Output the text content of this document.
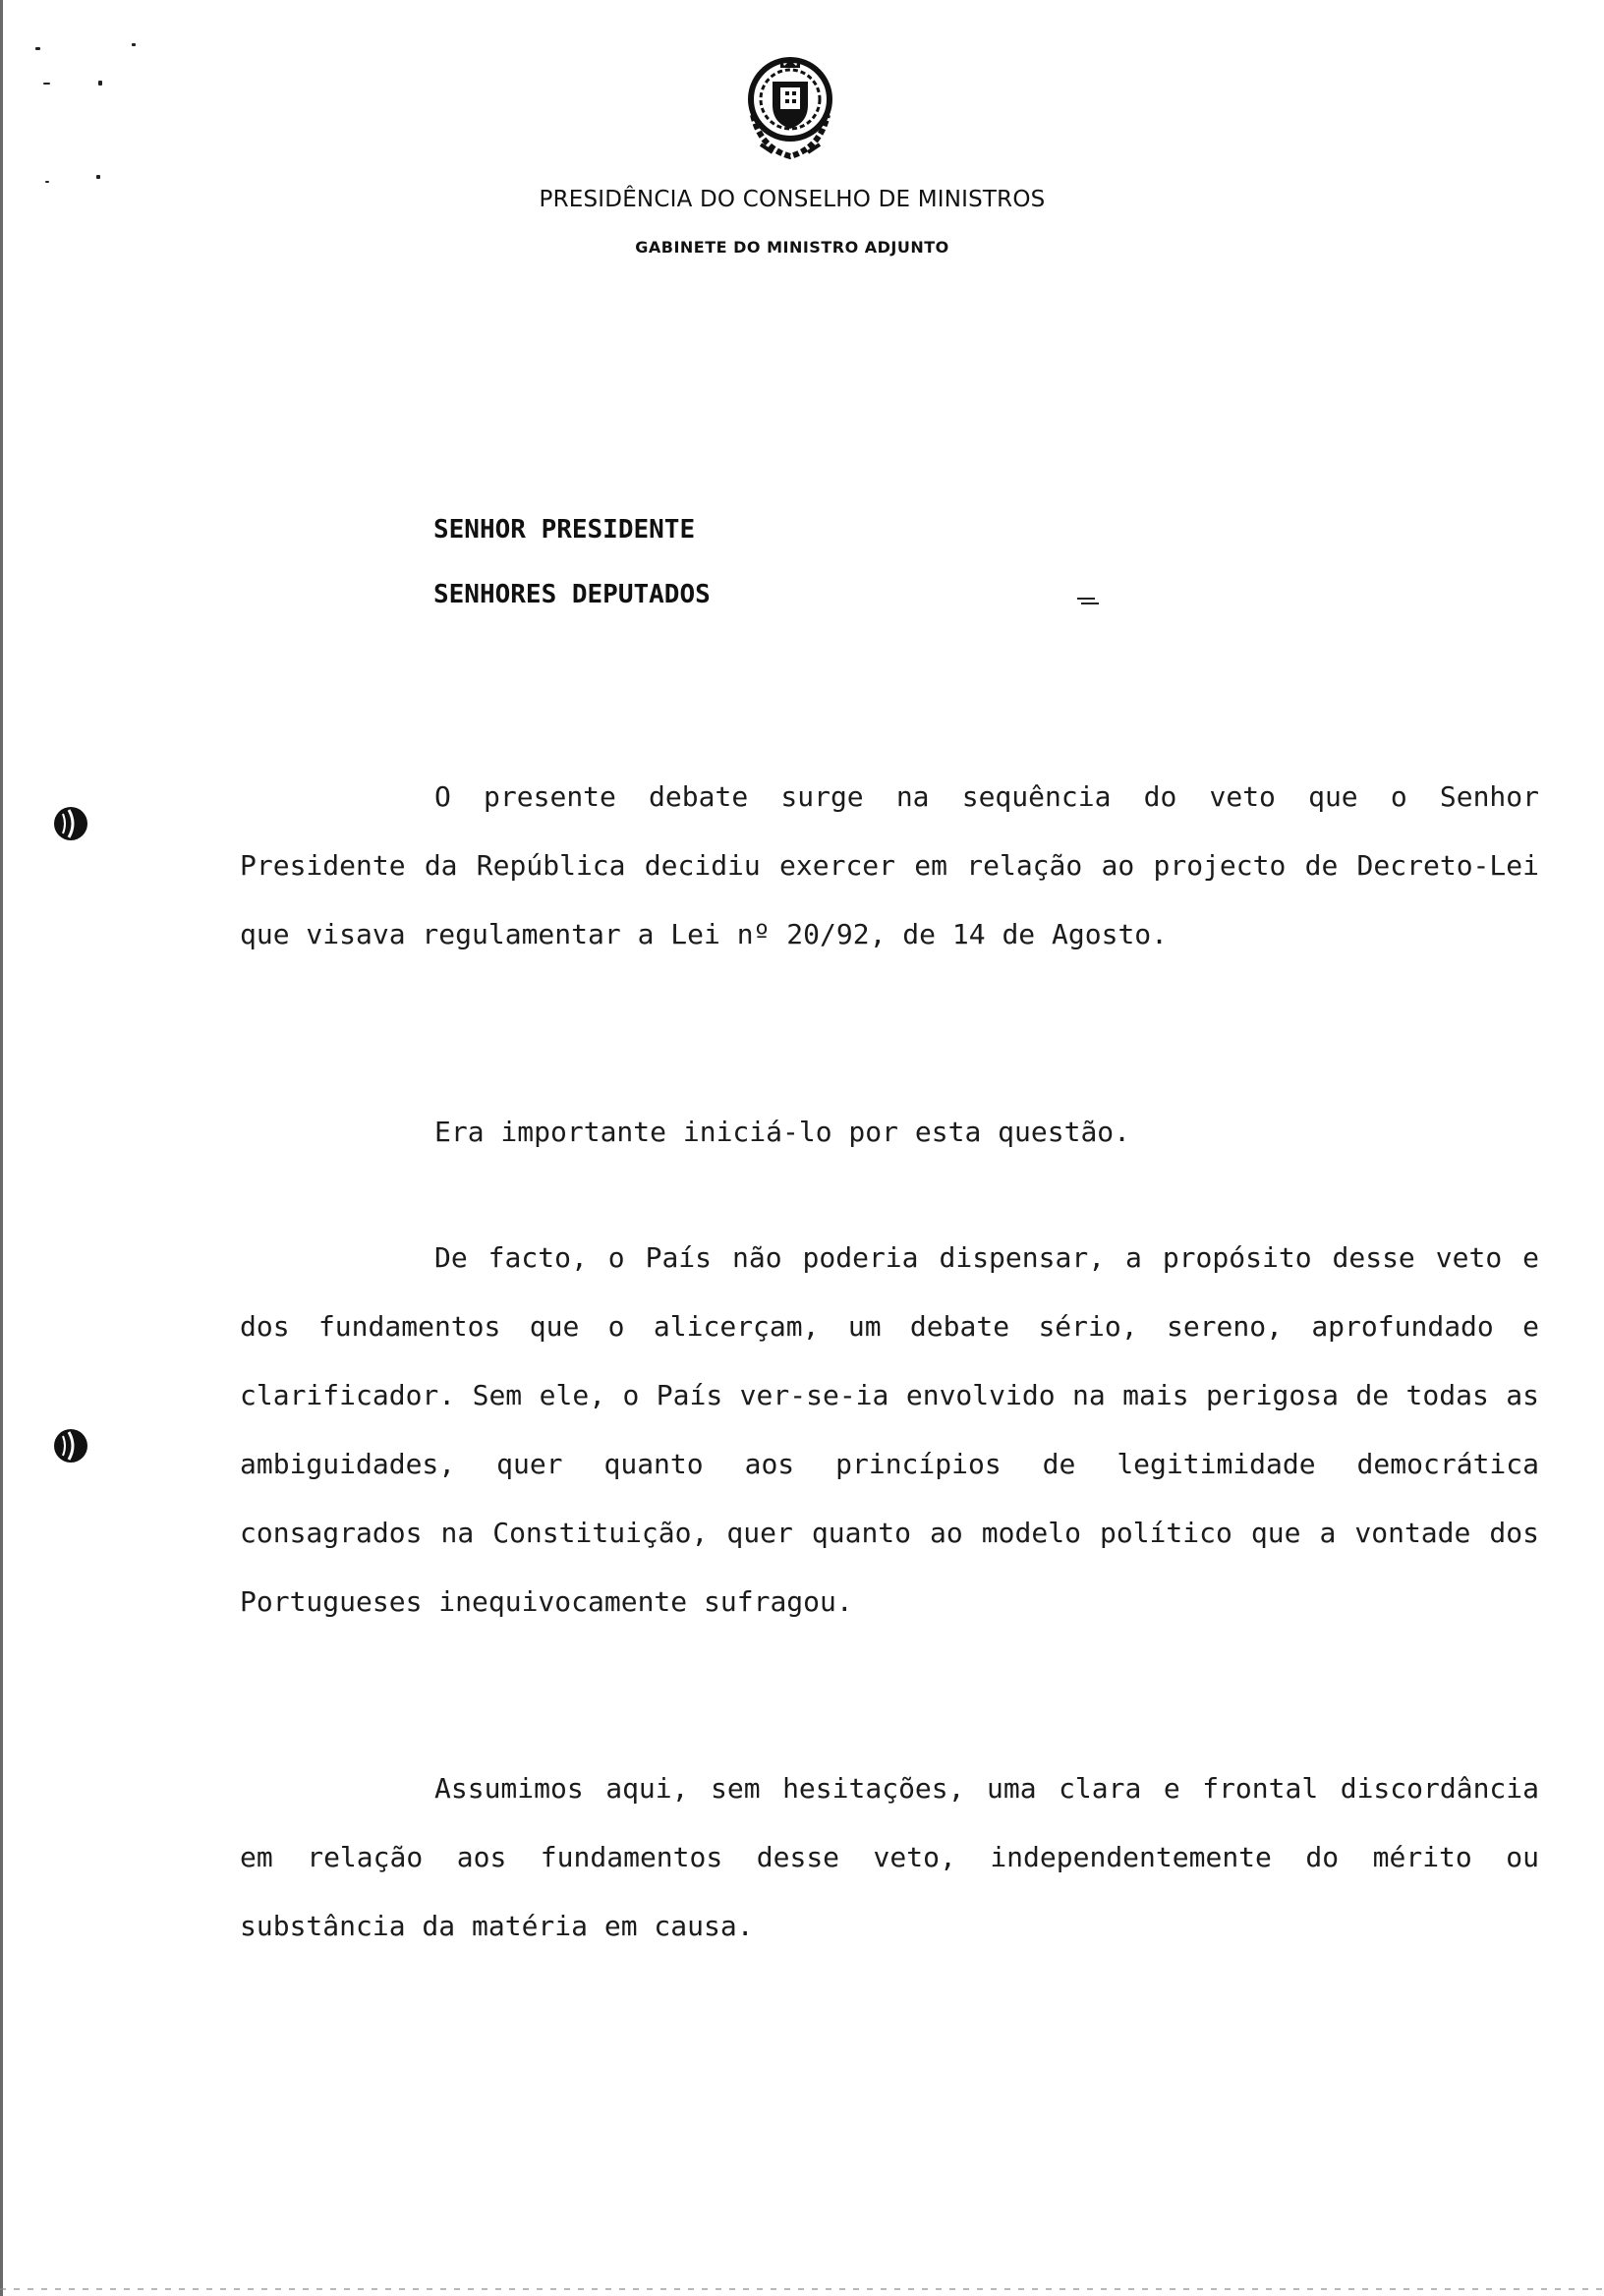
PRESIDÊNCIA DO CONSELHO DE MINISTROS
GABINETE DO MINISTRO ADJUNTO
SENHOR PRESIDENTE
SENHORES DEPUTADOS

O presente debate surge na sequência do veto que o Senhor Presidente da República decidiu exercer em relação ao projecto de Decreto-Lei que visava regulamentar a Lei nº 20/92, de 14 de Agosto.

Era importante iniciá-lo por esta questão.

De facto, o País não poderia dispensar, a propósito desse veto e dos fundamentos que o alicerçam, um debate sério, sereno, aprofundado e clarificador. Sem ele, o País ver-se-ia envolvido na mais perigosa de todas as ambiguidades, quer quanto aos princípios de legitimidade democrática consagrados na Constituição, quer quanto ao modelo político que a vontade dos Portugueses inequivocamente sufragou.

Assumimos aqui, sem hesitações, uma clara e frontal discordância em relação aos fundamentos desse veto, independentemente do mérito ou substância da matéria em causa.
